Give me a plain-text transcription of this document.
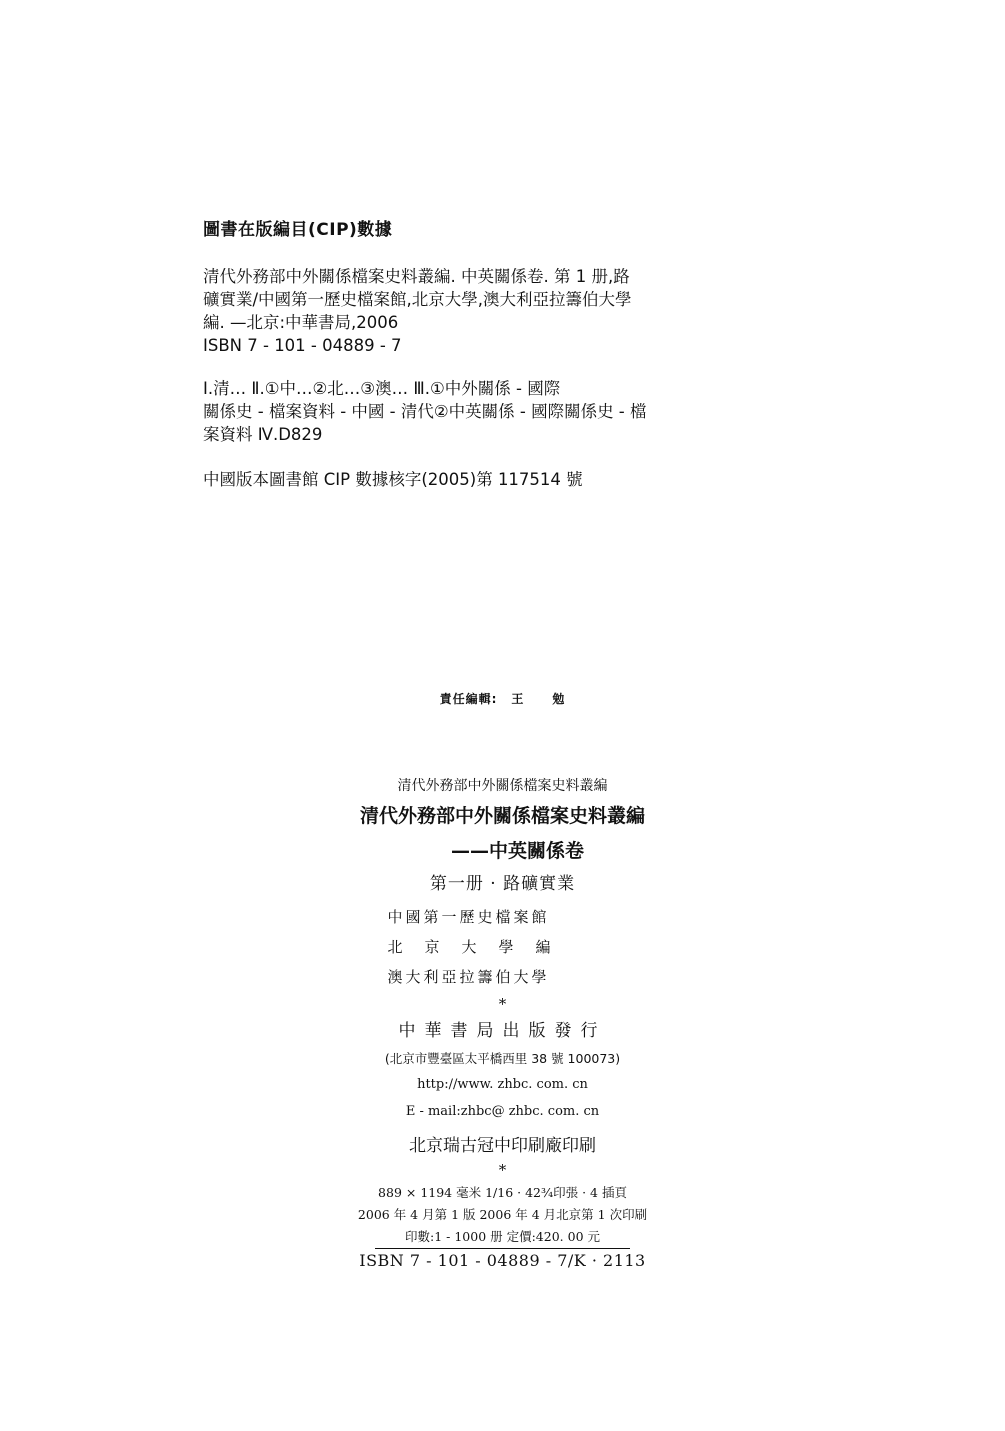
圖書在版編目(CIP)數據

清代外務部中外關係檔案史料叢編. 中英關係卷. 第 1 册,路

礦實業/中國第一歷史檔案館,北京大學,澳大利亞拉籌伯大學

編. —北京:中華書局,2006

ISBN 7 - 101 - 04889 - 7

Ⅰ.清… Ⅱ.①中…②北…③澳… Ⅲ.①中外關係 - 國際

關係史 - 檔案資料 - 中國 - 清代②中英關係 - 國際關係史 - 檔

案資料 Ⅳ.D829

中國版本圖書館 CIP 數據核字(2005)第 117514 號

責任編輯: 王 勉
清代外務部中外關係檔案史料叢編
清代外務部中外關係檔案史料叢編
——中英關係卷
第一册 · 路礦實業
中國第一歷史檔案館
北京大學編
澳大利亞拉籌伯大學
*
中華書局出版發行
(北京市豐臺區太平橋西里 38 號 100073)
http://www. zhbc. com. cn
E - mail:zhbc@ zhbc. com. cn
北京瑞古冠中印刷廠印刷
*
889 × 1194 毫米 1/16 · 42¾印張 · 4 插頁
2006 年 4 月第 1 版 2006 年 4 月北京第 1 次印刷
印數:1 - 1000 册 定價:420. 00 元
ISBN 7 - 101 - 04889 - 7/K · 2113
